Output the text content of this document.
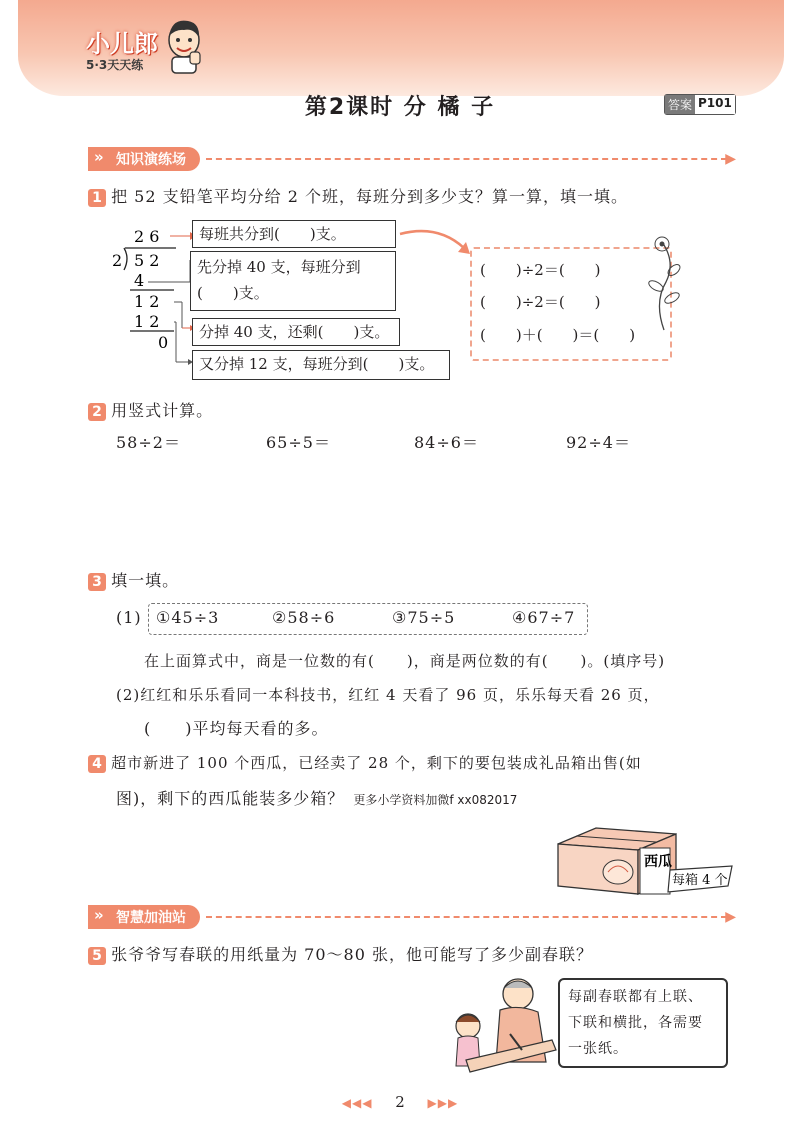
小儿郎
5·3天天练
第2课时 分 橘 子	答案 P101
» 知识演练场	▶
1 把 52 支铅笔平均分给 2 个班，每班分到多少支？算一算，填一填。
2 6
2 5 2
4
1 2
1 2
0
每班共分到(　　)支。
先分掉 40 支，每班分到
(　　)支。
分掉 40 支，还剩(　　)支。
又分掉 12 支，每班分到(　　)支。
(　　)÷2＝(　　)
(　　)÷2＝(　　)
(　　)＋(　　)＝(　　)
2 用竖式计算。
58÷2＝	65÷5＝	84÷6＝	92÷4＝
3 填一填。
(1) ①45÷3	②58÷6	③75÷5	④67÷7
在上面算式中，商是一位数的有(　　)，商是两位数的有(　　)。(填序号)
(2)红红和乐乐看同一本科技书，红红 4 天看了 96 页，乐乐每天看 26 页，
(　　)平均每天看的多。
4 超市新进了 100 个西瓜，已经卖了 28 个，剩下的要包装成礼品箱出售(如
图)，剩下的西瓜能装多少箱？ 更多小学资料加微f xx082017
西瓜
每箱 4 个
» 智慧加油站	▶
5 张爷爷写春联的用纸量为 70～80 张，他可能写了多少副春联？
每副春联都有上联、
下联和横批，各需要
一张纸。
◀◀◀ 2 ▶▶▶
